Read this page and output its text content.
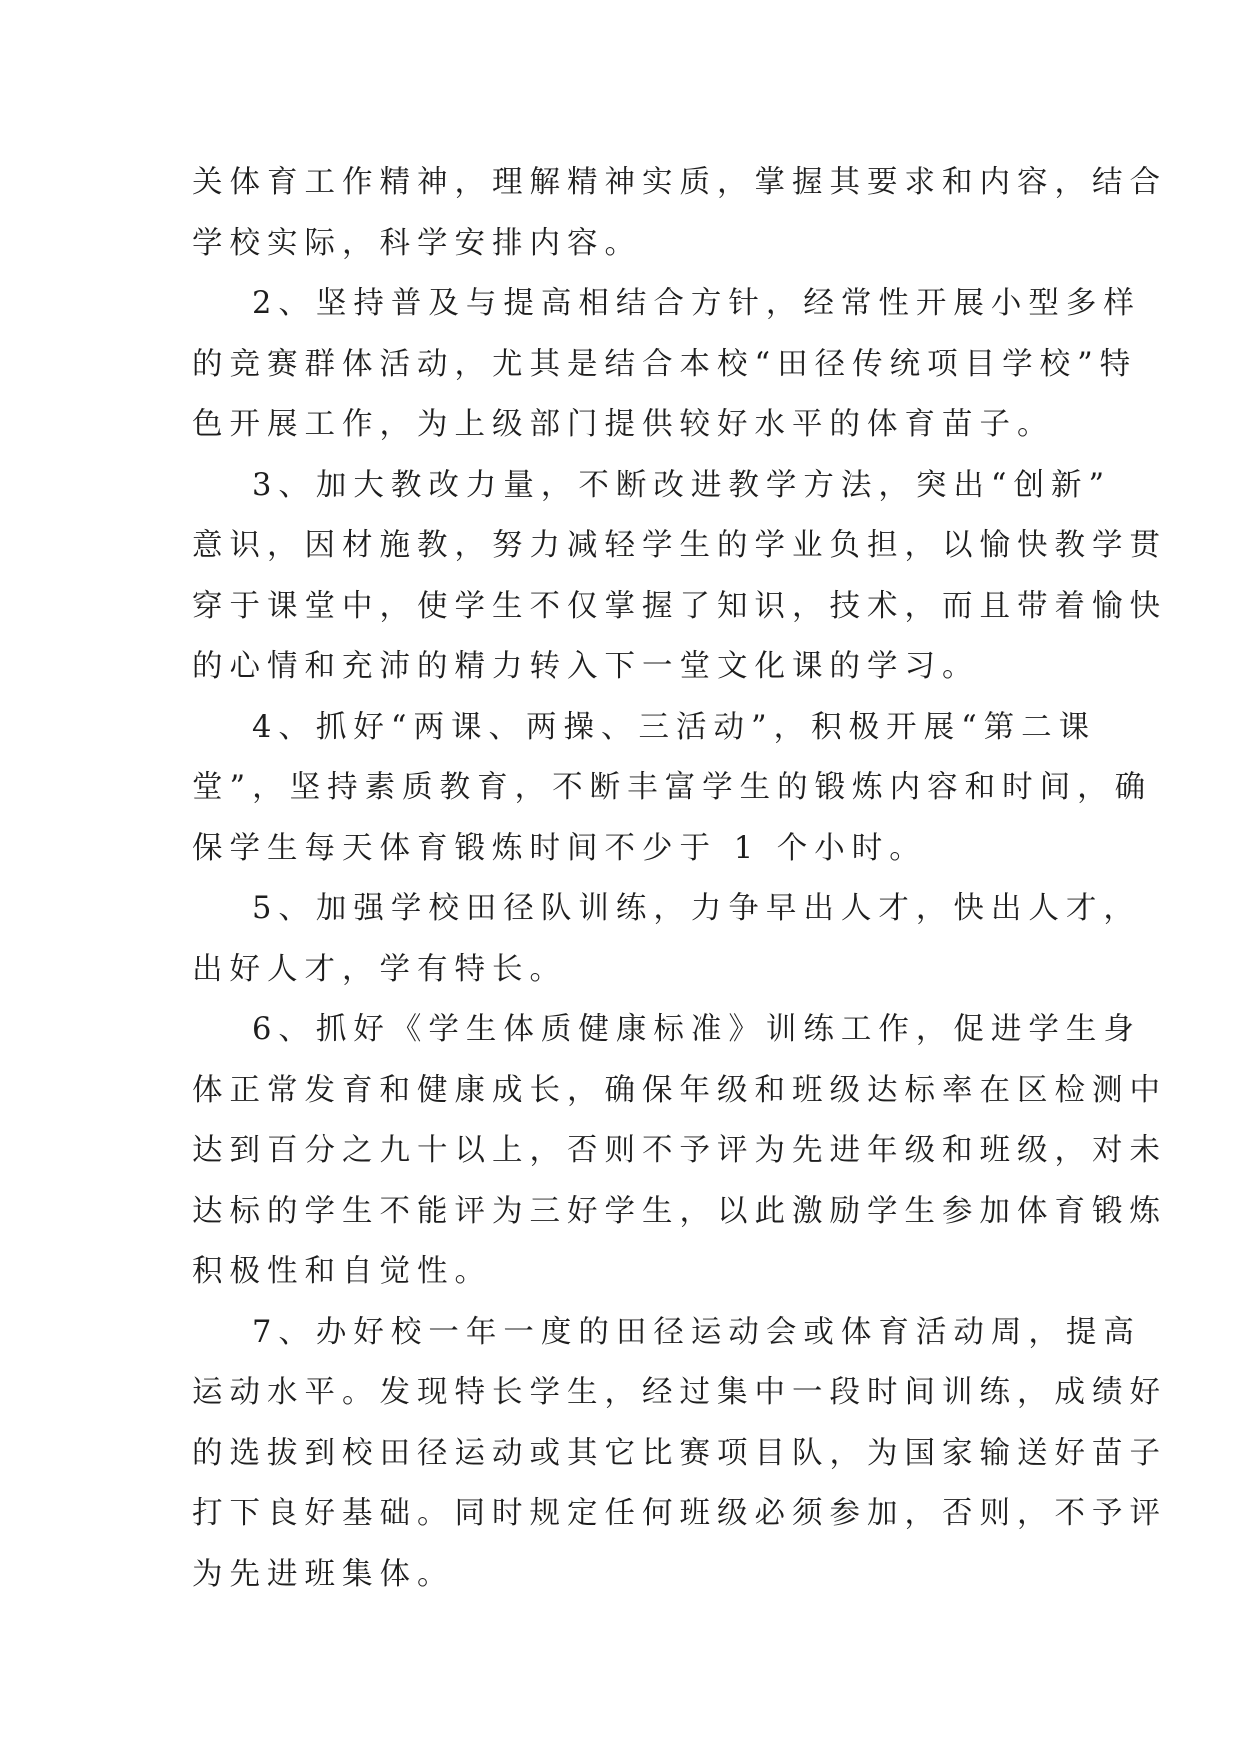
关体育工作精神，理解精神实质，掌握其要求和内容，结合
学校实际，科学安排内容。

2、坚持普及与提高相结合方针，经常性开展小型多样
的竞赛群体活动，尤其是结合本校“田径传统项目学校”特
色开展工作，为上级部门提供较好水平的体育苗子。

3、加大教改力量，不断改进教学方法，突出“创新”
意识，因材施教，努力减轻学生的学业负担，以愉快教学贯
穿于课堂中，使学生不仅掌握了知识，技术，而且带着愉快
的心情和充沛的精力转入下一堂文化课的学习。

4、抓好“两课、两操、三活动”，积极开展“第二课
堂”，坚持素质教育，不断丰富学生的锻炼内容和时间，确
保学生每天体育锻炼时间不少于 1 个小时。

5、加强学校田径队训练，力争早出人才，快出人才，
出好人才，学有特长。

6、抓好《学生体质健康标准》训练工作，促进学生身
体正常发育和健康成长，确保年级和班级达标率在区检测中
达到百分之九十以上，否则不予评为先进年级和班级，对未
达标的学生不能评为三好学生，以此激励学生参加体育锻炼
积极性和自觉性。

7、办好校一年一度的田径运动会或体育活动周，提高
运动水平。发现特长学生，经过集中一段时间训练，成绩好
的选拔到校田径运动或其它比赛项目队，为国家输送好苗子
打下良好基础。同时规定任何班级必须参加，否则，不予评
为先进班集体。
